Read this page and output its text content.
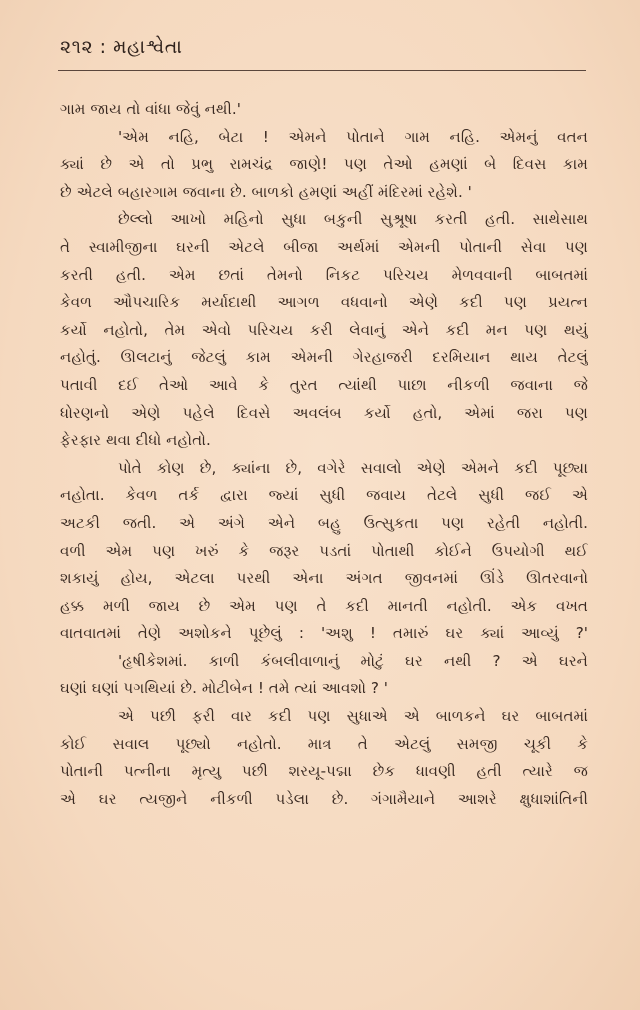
૨૧૨ : મહાશ્વેતા
ગામ જાય તો વાંધા જેવું નથી.'
'એમ નહિ, બેટા ! એમને પોતાને ગામ નહિ. એમનું વતન
ક્યાં છે એ તો પ્રભુ રામચંદ્ર જાણે! પણ તેઓ હમણાં બે દિવસ કામ
છે એટલે બહારગામ જવાના છે. બાળકો હમણાં અહીં મંદિરમાં રહેશે. '
છેલ્લો આખો મહિનો સુધા બકુની સુશ્રૂષા કરતી હતી. સાથેસાથ
તે સ્વામીજીના ઘરની એટલે બીજા અર્થમાં એમની પોતાની સેવા પણ
કરતી હતી. એમ છતાં તેમનો નિકટ પરિચય મેળવવાની બાબતમાં
કેવળ ઔપચારિક મર્યાદાથી આગળ વધવાનો એણે કદી પણ પ્રયત્ન
કર્યો નહોતો, તેમ એવો પરિચય કરી લેવાનું એને કદી મન પણ થયું
નહોતું. ઊલટાનું જેટલું કામ એમની ગેરહાજરી દરમિયાન થાય તેટલું
પતાવી દઈ તેઓ આવે કે તુરત ત્યાંથી પાછા નીકળી જવાના જે
ધોરણનો એણે પહેલે દિવસે અવલંબ કર્યો હતો, એમાં જરા પણ
ફેરફાર થવા દીધો નહોતો.
પોતે કોણ છે, ક્યાંના છે, વગેરે સવાલો એણે એમને કદી પૂછ્યા
નહોતા. કેવળ તર્ક દ્વારા જ્યાં સુધી જવાય તેટલે સુધી જઈ એ
અટકી જતી. એ અંગે એને બહુ ઉત્સુકતા પણ રહેતી નહોતી.
વળી એમ પણ ખરું કે જરૂર પડતાં પોતાથી કોઈને ઉપયોગી થઈ
શકાયું હોય, એટલા પરથી એના અંગત જીવનમાં ઊંડે ઊતરવાનો
હક્ક મળી જાય છે એમ પણ તે કદી માનતી નહોતી. એક વખત
વાતવાતમાં તેણે અશોકને પૂછેલું : 'અશુ ! તમારું ઘર ક્યાં આવ્યું ?'
'હૃષીકેશમાં. કાળી કંબલીવાળાનું મોટું ઘર નથી ? એ ઘરને
ઘણાં ઘણાં પગથિયાં છે. મોટીબેન ! તમે ત્યાં આવશો ? '
એ પછી ફરી વાર કદી પણ સુધાએ એ બાળકને ઘર બાબતમાં
કોઈ સવાલ પૂછ્યો નહોતો. માત્ર તે એટલું સમજી ચૂકી કે
પોતાની પત્નીના મૃત્યુ પછી શરયૂ-પદ્મા છેક ધાવણી હતી ત્યારે જ
એ ઘર ત્યજીને નીકળી પડેલા છે. ગંગામૈયાને આશરે ક્ષુધાશાંતિની
